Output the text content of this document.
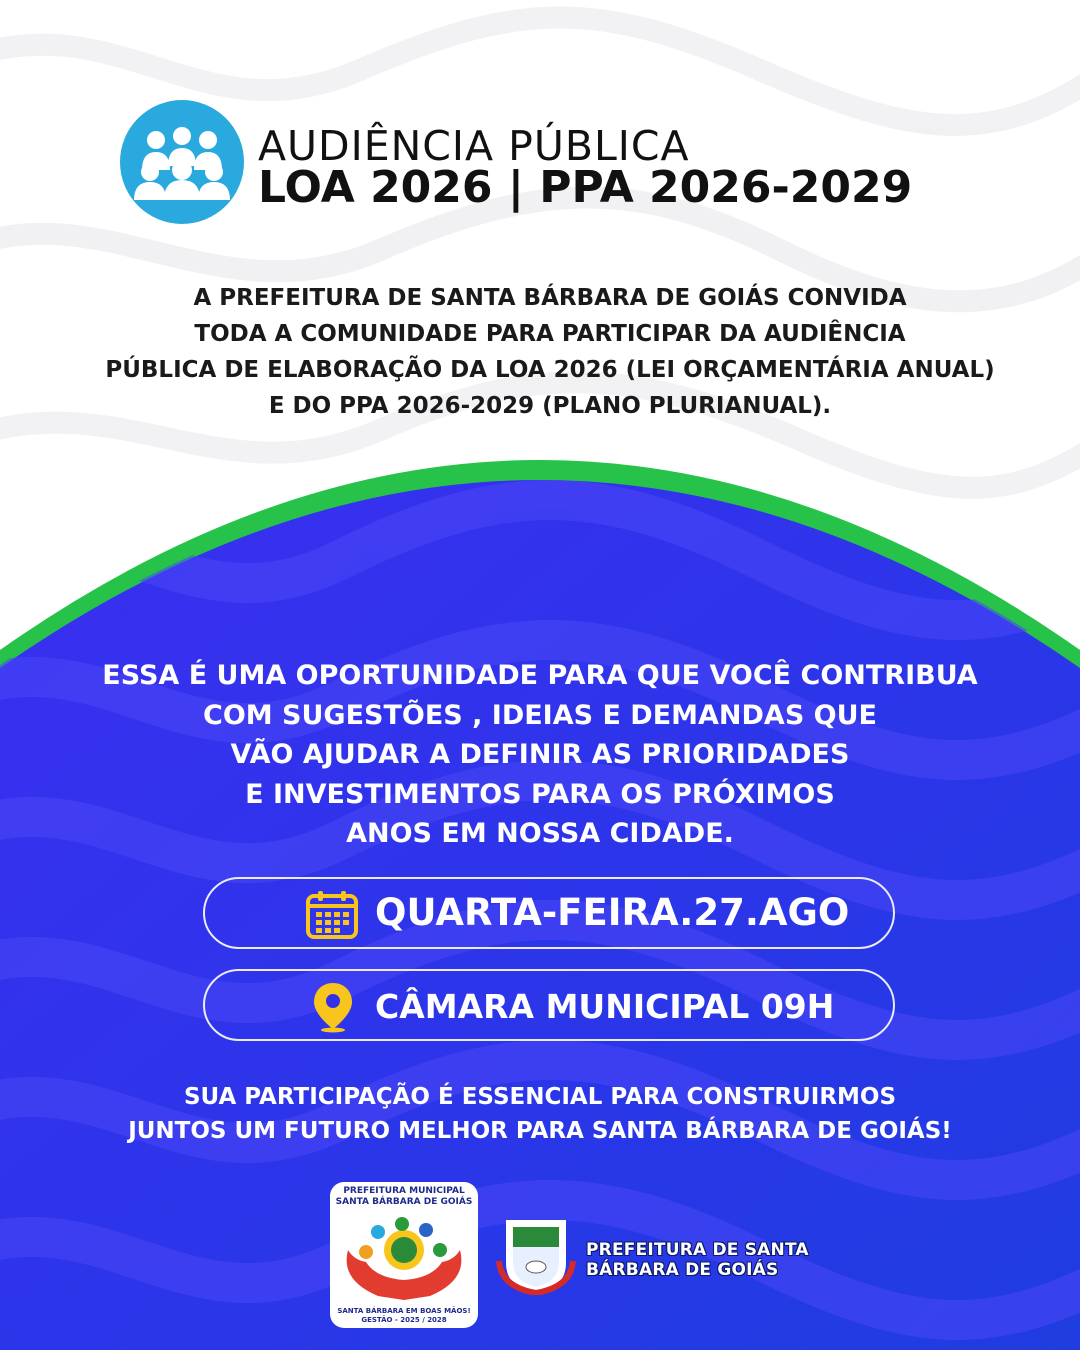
AUDIÊNCIA PÚBLICA
LOA 2026 | PPA 2026-2029
A PREFEITURA DE SANTA BÁRBARA DE GOIÁS CONVIDA
TODA A COMUNIDADE PARA PARTICIPAR DA AUDIÊNCIA
PÚBLICA DE ELABORAÇÃO DA LOA 2026 (LEI ORÇAMENTÁRIA ANUAL)
E DO PPA 2026-2029 (PLANO PLURIANUAL).
ESSA É UMA OPORTUNIDADE PARA QUE VOCÊ CONTRIBUA
COM SUGESTÕES , IDEIAS E DEMANDAS QUE
VÃO AJUDAR A DEFINIR AS PRIORIDADES
E INVESTIMENTOS PARA OS PRÓXIMOS
ANOS EM NOSSA CIDADE.
QUARTA-FEIRA.27.AGO
CÂMARA MUNICIPAL 09H
SUA PARTICIPAÇÃO É ESSENCIAL PARA CONSTRUIRMOS
JUNTOS UM FUTURO MELHOR PARA SANTA BÁRBARA DE GOIÁS!
PREFEITURA MUNICIPAL
SANTA BÁRBARA DE GOIÁS
SANTA BÁRBARA EM BOAS MÃOS!
GESTÃO - 2025 / 2028
PREFEITURA DE SANTA
BÁRBARA DE GOIÁS
